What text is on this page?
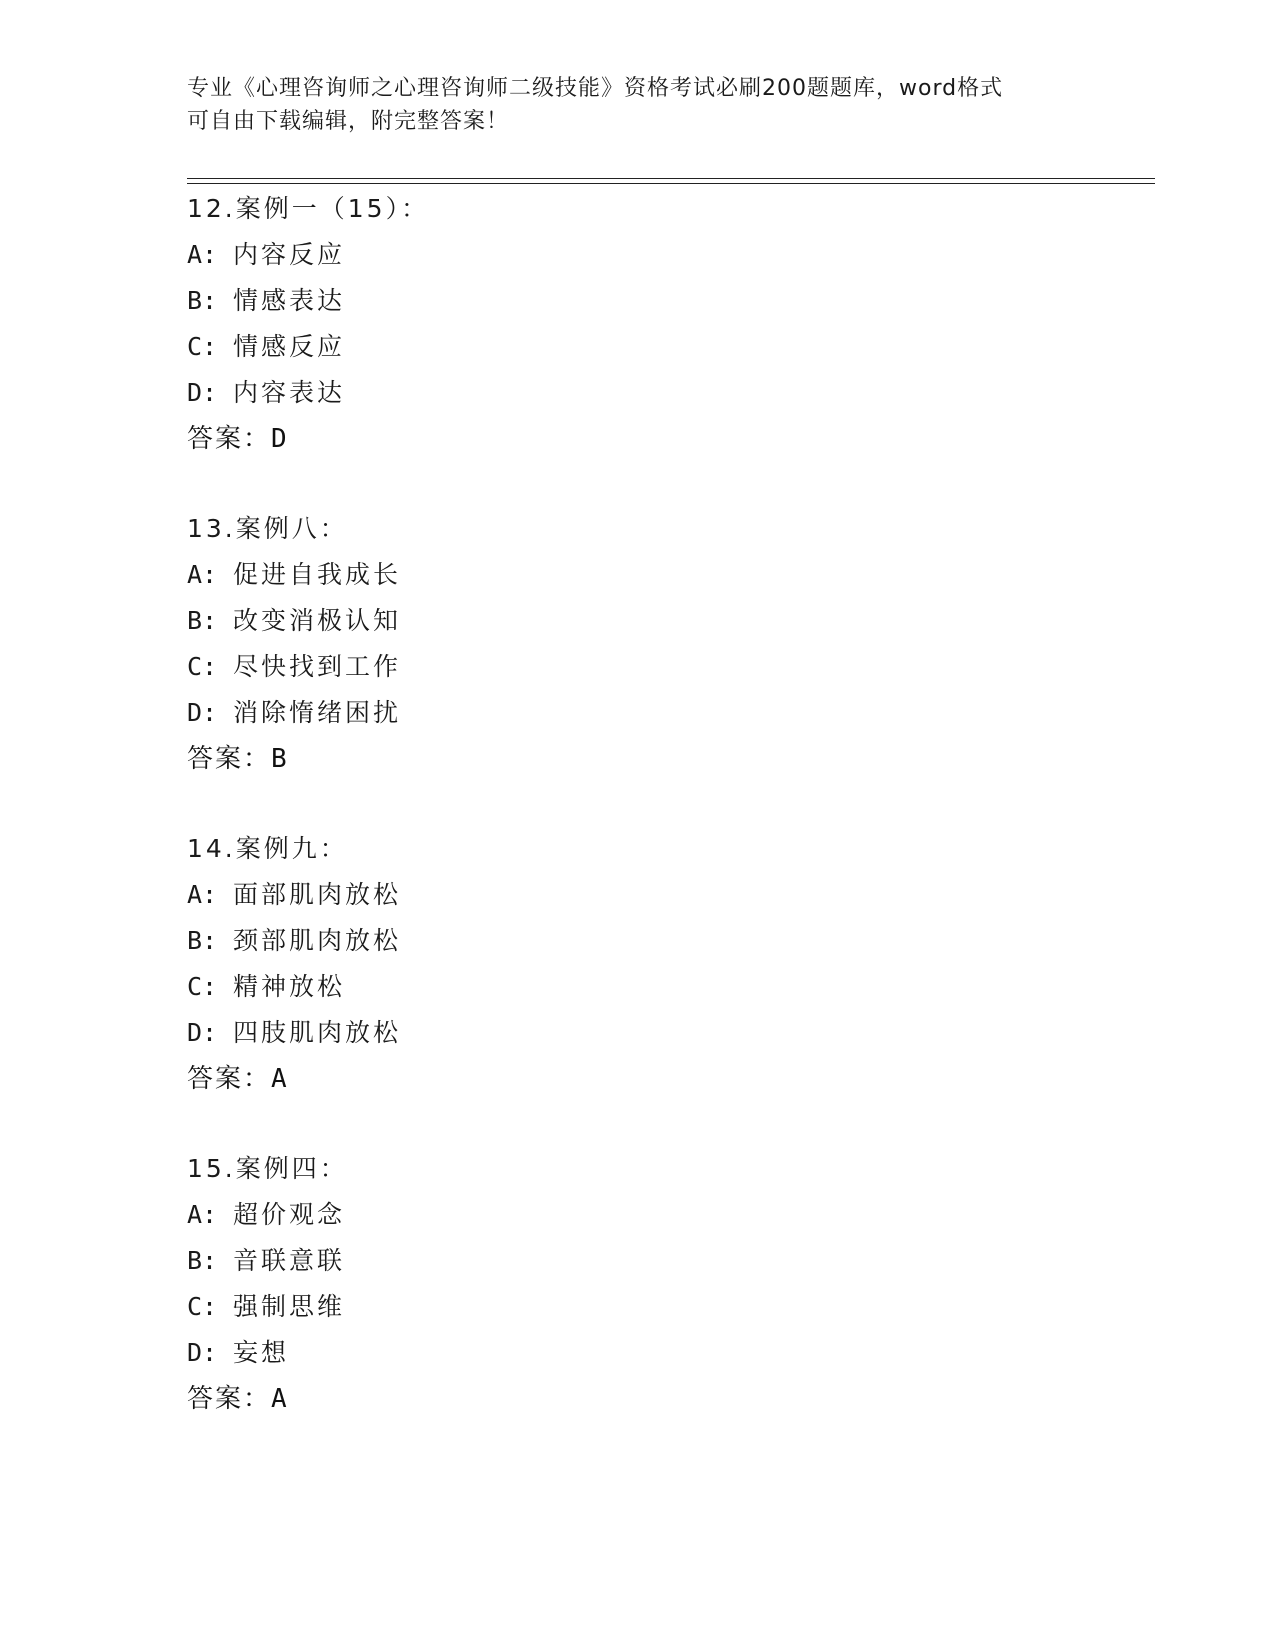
专业《心理咨询师之心理咨询师二级技能》资格考试必刷200题题库，word格式
可自由下载编辑，附完整答案！
12.案例一（15）：
A: 内容反应
B: 情感表达
C: 情感反应
D: 内容表达
答案：D
13.案例八：
A: 促进自我成长
B: 改变消极认知
C: 尽快找到工作
D: 消除惰绪困扰
答案：B
14.案例九：
A: 面部肌肉放松
B: 颈部肌肉放松
C: 精神放松
D: 四肢肌肉放松
答案：A
15.案例四：
A: 超价观念
B: 音联意联
C: 强制思维
D: 妄想
答案：A
